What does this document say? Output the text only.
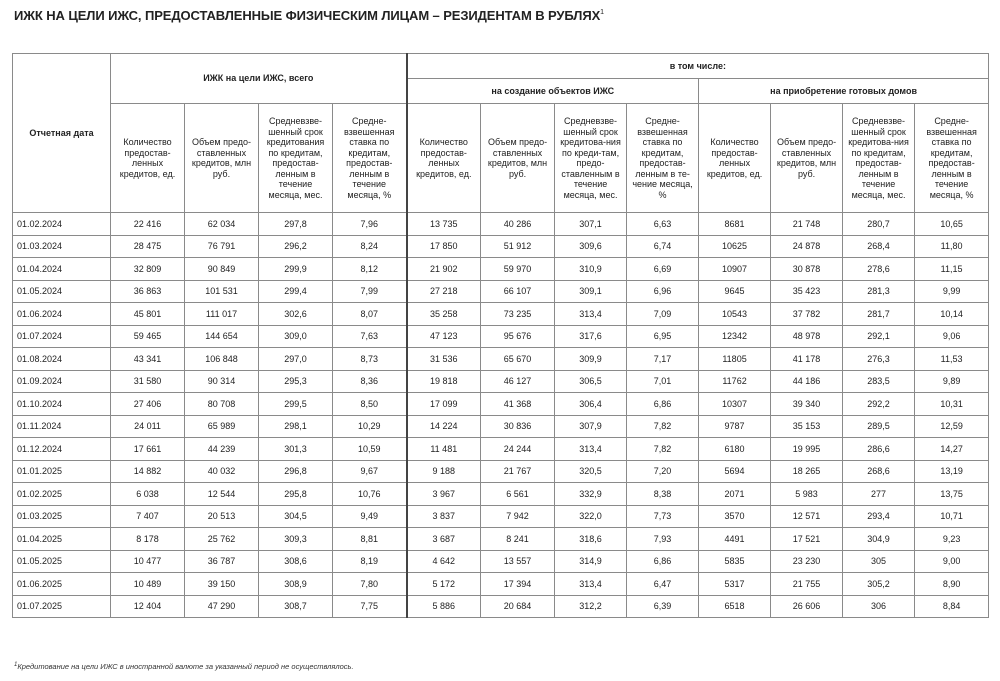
ИЖК НА ЦЕЛИ ИЖС, ПРЕДОСТАВЛЕННЫЕ ФИЗИЧЕСКИМ ЛИЦАМ – РЕЗИДЕНТАМ В РУБЛЯХ$^1$
Отчетная дата	ИЖК на цели ИЖС, всего				в том числе:							
					на создание объектов ИЖС				на приобретение готовых домов			
	Количество предостав-ленных кредитов, ед.	Объем предо-ставленных кредитов, млн руб.	Средневзве-шенный срок кредитования по кредитам, предостав-ленным в течение месяца, мес.	Средне-взвешенная ставка по кредитам, предостав-ленным в течение месяца, %	Количество предостав-ленных кредитов, ед.	Объем предо-ставленных кредитов, млн руб.	Средневзве-шенный срок кредитова-ния по креди-там, предо-ставленным в течение месяца, мес.	Средне-взвешенная ставка по кредитам, предостав-ленным в те-чение месяца, %	Количество предостав-ленных кредитов, ед.	Объем предо-ставленных кредитов, млн руб.	Средневзве-шенный срок кредитова-ния по кредитам, предостав-ленным в течение месяца, мес.	Средне-взвешенная ставка по кредитам, предостав-ленным в течение месяца, %
01.02.2024	22 416	62 034	297,8	7,96	13 735	40 286	307,1	6,63	8681	21 748	280,7	10,65
01.03.2024	28 475	76 791	296,2	8,24	17 850	51 912	309,6	6,74	10625	24 878	268,4	11,80
01.04.2024	32 809	90 849	299,9	8,12	21 902	59 970	310,9	6,69	10907	30 878	278,6	11,15
01.05.2024	36 863	101 531	299,4	7,99	27 218	66 107	309,1	6,96	9645	35 423	281,3	9,99
01.06.2024	45 801	111 017	302,6	8,07	35 258	73 235	313,4	7,09	10543	37 782	281,7	10,14
01.07.2024	59 465	144 654	309,0	7,63	47 123	95 676	317,6	6,95	12342	48 978	292,1	9,06
01.08.2024	43 341	106 848	297,0	8,73	31 536	65 670	309,9	7,17	11805	41 178	276,3	11,53
01.09.2024	31 580	90 314	295,3	8,36	19 818	46 127	306,5	7,01	11762	44 186	283,5	9,89
01.10.2024	27 406	80 708	299,5	8,50	17 099	41 368	306,4	6,86	10307	39 340	292,2	10,31
01.11.2024	24 011	65 989	298,1	10,29	14 224	30 836	307,9	7,82	9787	35 153	289,5	12,59
01.12.2024	17 661	44 239	301,3	10,59	11 481	24 244	313,4	7,82	6180	19 995	286,6	14,27
01.01.2025	14 882	40 032	296,8	9,67	9 188	21 767	320,5	7,20	5694	18 265	268,6	13,19
01.02.2025	6 038	12 544	295,8	10,76	3 967	6 561	332,9	8,38	2071	5 983	277	13,75
01.03.2025	7 407	20 513	304,5	9,49	3 837	7 942	322,0	7,73	3570	12 571	293,4	10,71
01.04.2025	8 178	25 762	309,3	8,81	3 687	8 241	318,6	7,93	4491	17 521	304,9	9,23
01.05.2025	10 477	36 787	308,6	8,19	4 642	13 557	314,9	6,86	5835	23 230	305	9,00
01.06.2025	10 489	39 150	308,9	7,80	5 172	17 394	313,4	6,47	5317	21 755	305,2	8,90
01.07.2025	12 404	47 290	308,7	7,75	5 886	20 684	312,2	6,39	6518	26 606	306	8,84
$^1$Кредитование на цели ИЖС в иностранной валюте за указанный период не осуществлялось.
